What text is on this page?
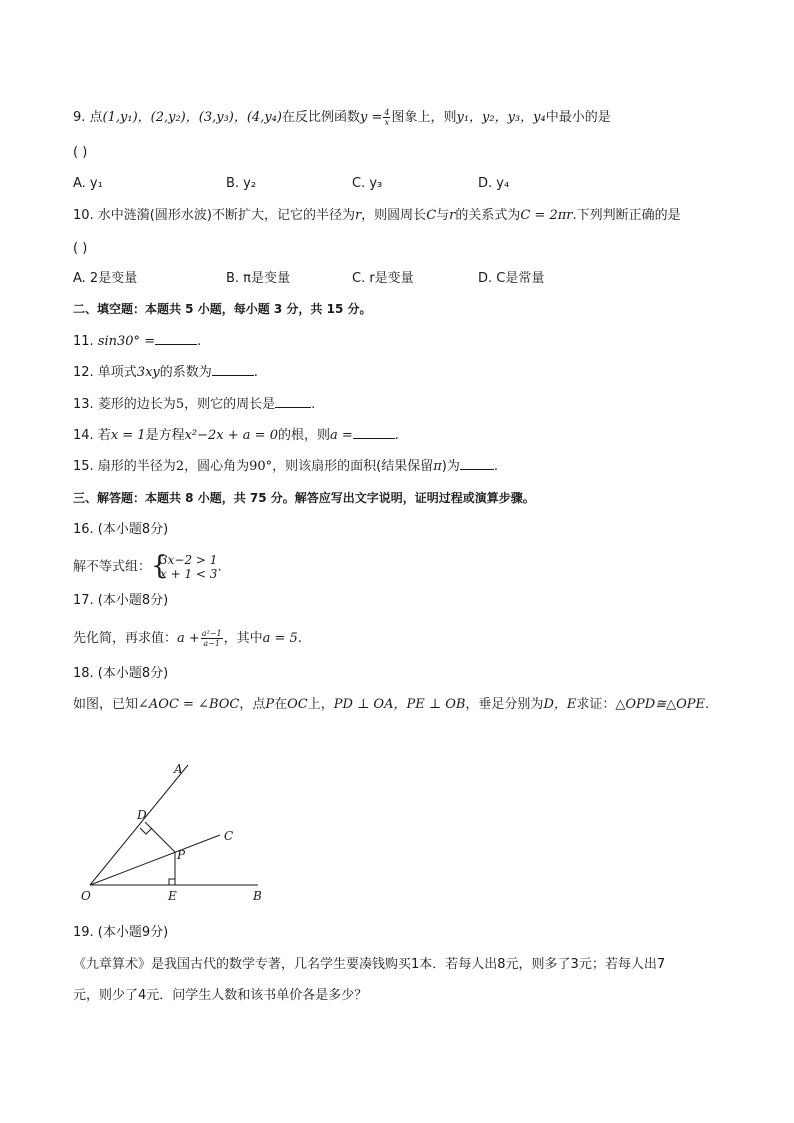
9. 点(1,y₁)，(2,y₂)，(3,y₃)，(4,y₄)在反比例函数$y = \frac{4}{x}$ 图象上，则y₁，y₂，y₃，y₄中最小的是
( )
A. y₁	B. y₂	C. y₃	D. y₄
10. 水中涟漪(圆形水波)不断扩大，记它的半径为r，则圆周长C与r的关系式为C = 2πr.下列判断正确的是
( )
A. 2是变量	B. π是变量	C. r是变量	D. C是常量
二、填空题：本题共 5 小题，每小题 3 分，共 15 分。
11. sin30° =	.
12. 单项式3xy的系数为	.
13. 菱形的边长为5，则它的周长是	.
14. 若x = 1是方程x²−2x + a = 0的根，则a =	.
15. 扇形的半径为2，圆心角为90°，则该扇形的面积(结果保留π)为	.
三、解答题：本题共 8 小题，共 75 分。解答应写出文字说明，证明过程或演算步骤。
16. (本小题8分)
解不等式组： {
3x−2 > 1
x + 1 < 3 .
17. (本小题8分)
先化简，再求值：$a + \frac{\text{a²−1}}{a-1}$ ，其中a = 5.
18. (本小题8分)
如图，已知∠AOC = ∠BOC，点P在OC上，PD ⊥ OA，PE ⊥ OB，垂足分别为D，E求证：△OPD≅△OPE.
A
C
D
P
O	E	B
19. (本小题9分)
《九章算术》是我国古代的数学专著，几名学生要凑钱购买1本．若每人出8元，则多了3元；若每人出7
元，则少了4元．问学生人数和该书单价各是多少？
